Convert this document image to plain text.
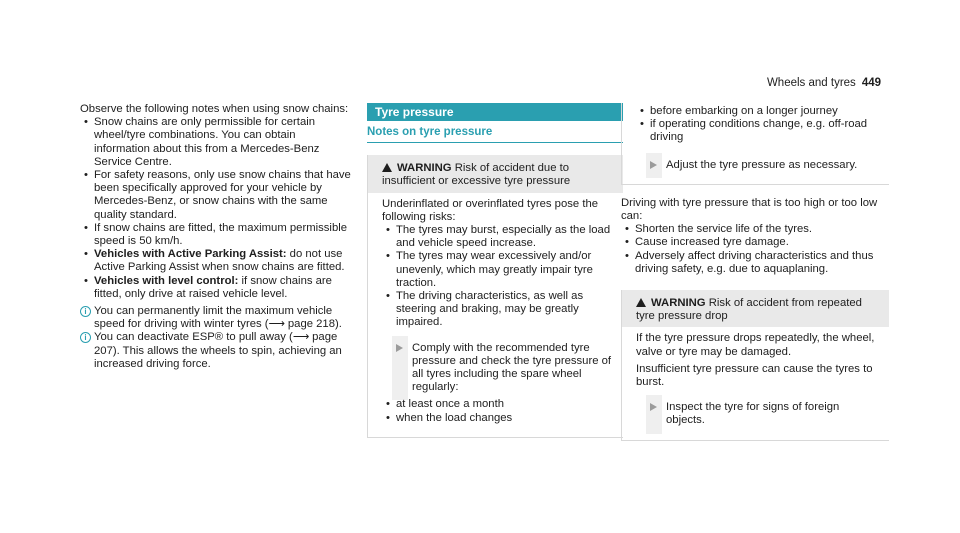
Wheels and tyres 449

Observe the following notes when using snow chains:

• Snow chains are only permissible for certain wheel/tyre combinations. You can obtain information about this from a Mercedes-Benz Service Centre.
• For safety reasons, only use snow chains that have been specifically approved for your vehicle by Mercedes-Benz, or snow chains with the same quality standard.
• If snow chains are fitted, the maximum permissible speed is 50 km/h.
• Vehicles with Active Parking Assist: do not use Active Parking Assist when snow chains are fitted.
• Vehicles with level control: if snow chains are fitted, only drive at raised vehicle level.
i You can permanently limit the maximum vehicle speed for driving with winter tyres (⟶ page 218).
i You can deactivate ESP® to pull away (⟶ page 207). This allows the wheels to spin, achieving an increased driving force.
Tyre pressure
Notes on tyre pressure
WARNING Risk of accident due to insufficient or excessive tyre pressure

Underinflated or overinflated tyres pose the following risks:

• The tyres may burst, especially as the load and vehicle speed increase.
• The tyres may wear excessively and/or unevenly, which may greatly impair tyre traction.
• The driving characteristics, as well as steering and braking, may be greatly impaired.
Comply with the recommended tyre pressure and check the tyre pressure of all tyres including the spare wheel regularly:
• at least once a month
• when the load changes
• before embarking on a longer journey
• if operating conditions change, e.g. off-road driving
Adjust the tyre pressure as necessary.

Driving with tyre pressure that is too high or too low can:

• Shorten the service life of the tyres.
• Cause increased tyre damage.
• Adversely affect driving characteristics and thus driving safety, e.g. due to aquaplaning.
WARNING Risk of accident from repeated tyre pressure drop

If the tyre pressure drops repeatedly, the wheel, valve or tyre may be damaged.

Insufficient tyre pressure can cause the tyres to burst.

Inspect the tyre for signs of foreign objects.
